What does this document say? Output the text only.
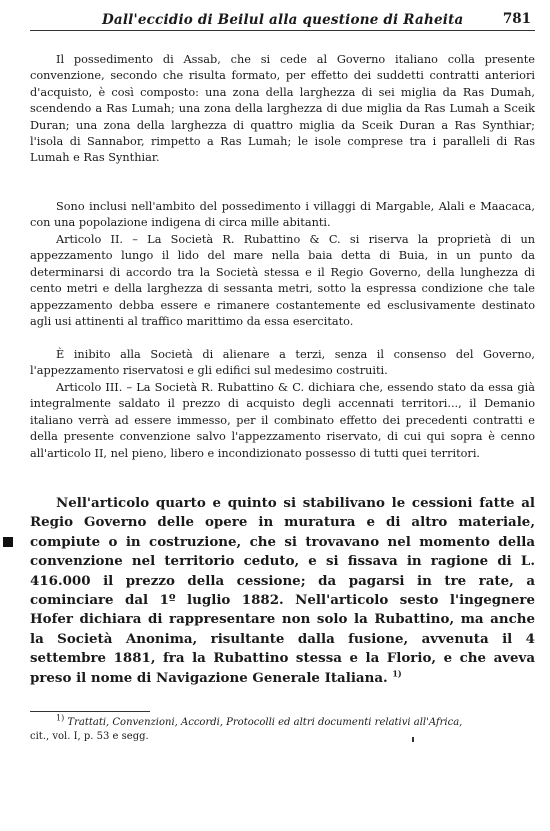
Dall'eccidio di Beilul alla questione di Raheita	781

Il possedimento di Assab, che si cede al Governo italiano colla presente convenzione, secondo che risulta formato, per effetto dei suddetti contratti anteriori d'acquisto, è così composto: una zona della larghezza di sei miglia da Ras Dumah, scendendo a Ras Lumah; una zona della larghezza di due miglia da Ras Lumah a Sceik Duran; una zona della larghezza di quattro miglia da Sceik Duran a Ras Synthiar; l'isola di Sannabor, rimpetto a Ras Lumah; le isole comprese tra i paralleli di Ras Lumah e Ras Synthiar.

Sono inclusi nell'ambito del possedimento i villaggi di Margable, Alali e Maacaca, con una popolazione indigena di circa mille abitanti.

Articolo II. – La Società R. Rubattino & C. si riserva la proprietà di un appezzamento lungo il lido del mare nella baia detta di Buia, in un punto da determinarsi di accordo tra la Società stessa e il Regio Governo, della lunghezza di cento metri e della larghezza di sessanta metri, sotto la espressa condizione che tale appezzamento debba essere e rimanere costantemente ed esclusivamente destinato agli usi attinenti al traffico marittimo da essa esercitato.

È inibito alla Società di alienare a terzi, senza il consenso del Governo, l'appezzamento riservatosi e gli edifici sul medesimo costruiti.

Articolo III. – La Società R. Rubattino & C. dichiara che, essendo stato da essa già integralmente saldato il prezzo di acquisto degli accennati territori..., il Demanio italiano verrà ad essere immesso, per il combinato effetto dei precedenti contratti e della presente convenzione salvo l'appezzamento riservato, di cui qui sopra è cenno all'articolo II, nel pieno, libero e incondizionato possesso di tutti quei territori.

Nell'articolo quarto e quinto si stabilivano le cessioni fatte al Regio Governo delle opere in muratura e di altro materiale, compiute o in costruzione, che si trovavano nel momento della convenzione nel territorio ceduto, e si fissava in ragione di L. 416.000 il prezzo della cessione; da pagarsi in tre rate, a cominciare dal 1º luglio 1882. Nell'articolo sesto l'ingegnere Hofer dichiara di rappresentare non solo la Rubattino, ma anche la Società Anonima, risultante dalla fusione, avvenuta il 4 settembre 1881, fra la Rubattino stessa e la Florio, e che aveva preso il nome di Navigazione Generale Italiana. $^{1)}$

$^{1)}$ Trattati, Convenzioni, Accordi, Protocolli ed altri documenti relativi all'Africa,
cit., vol. I, p. 53 e segg.
